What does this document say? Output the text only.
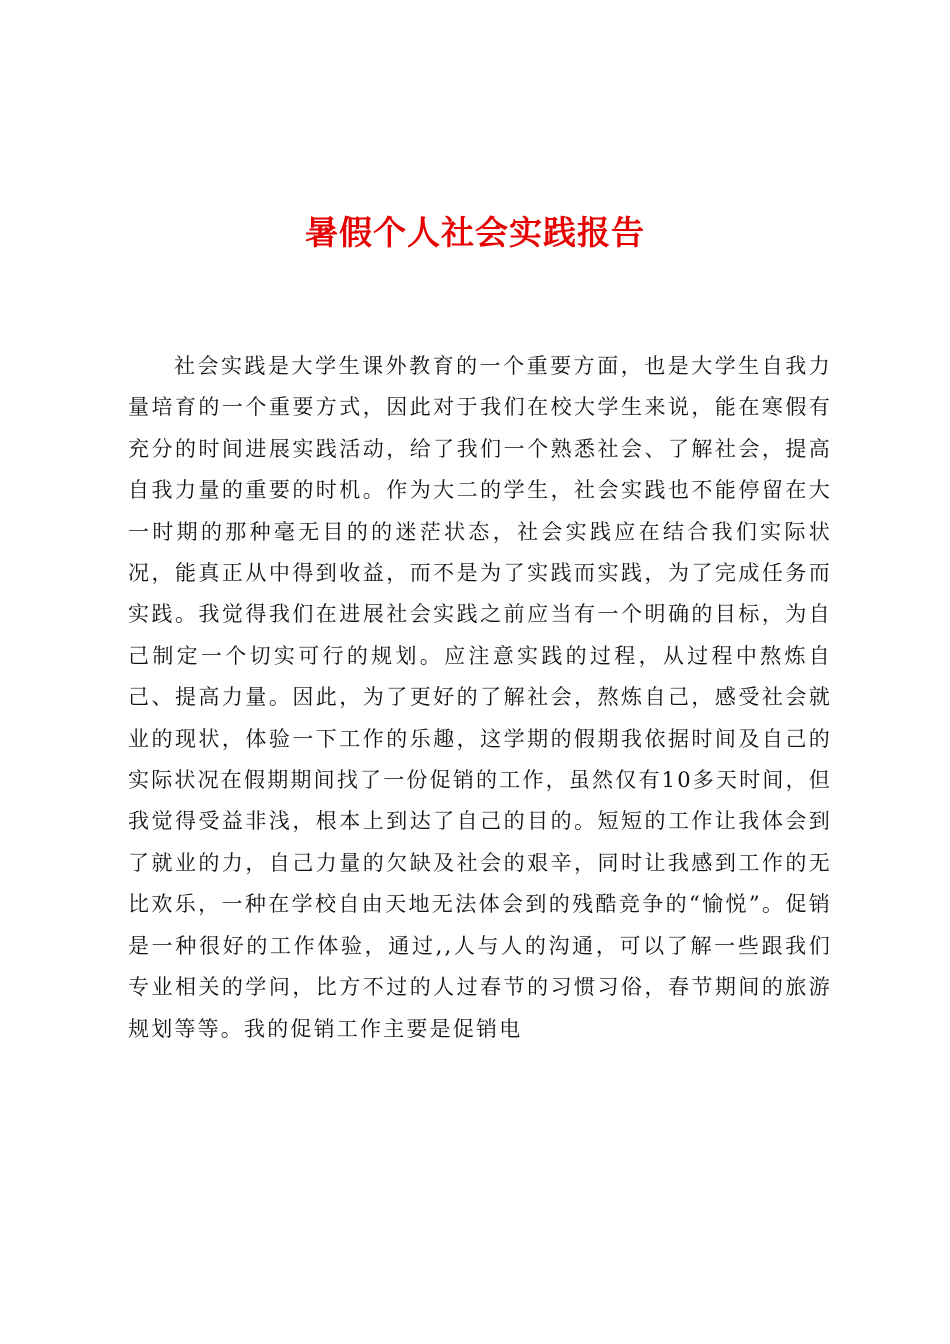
暑假个人社会实践报告

社会实践是大学生课外教育的一个重要方面，也是大学生自我力量培育的一个重要方式，因此对于我们在校大学生来说，能在寒假有充分的时间进展实践活动，给了我们一个熟悉社会、了解社会，提高自我力量的重要的时机。作为大二的学生，社会实践也不能停留在大一时期的那种毫无目的的迷茫状态，社会实践应在结合我们实际状况，能真正从中得到收益，而不是为了实践而实践，为了完成任务而实践。我觉得我们在进展社会实践之前应当有一个明确的目标，为自己制定一个切实可行的规划。应注意实践的过程，从过程中熬炼自己、提高力量。因此，为了更好的了解社会，熬炼自己，感受社会就业的现状，体验一下工作的乐趣，这学期的假期我依据时间及自己的实际状况在假期期间找了一份促销的工作，虽然仅有10多天时间，但我觉得受益非浅，根本上到达了自己的目的。短短的工作让我体会到了就业的力，自己力量的欠缺及社会的艰辛，同时让我感到工作的无比欢乐，一种在学校自由天地无法体会到的残酷竞争的“愉悦”。促销是一种很好的工作体验，通过,,人与人的沟通，可以了解一些跟我们专业相关的学问，比方不过的人过春节的习惯习俗，春节期间的旅游规划等等。我的促销工作主要是促销电
